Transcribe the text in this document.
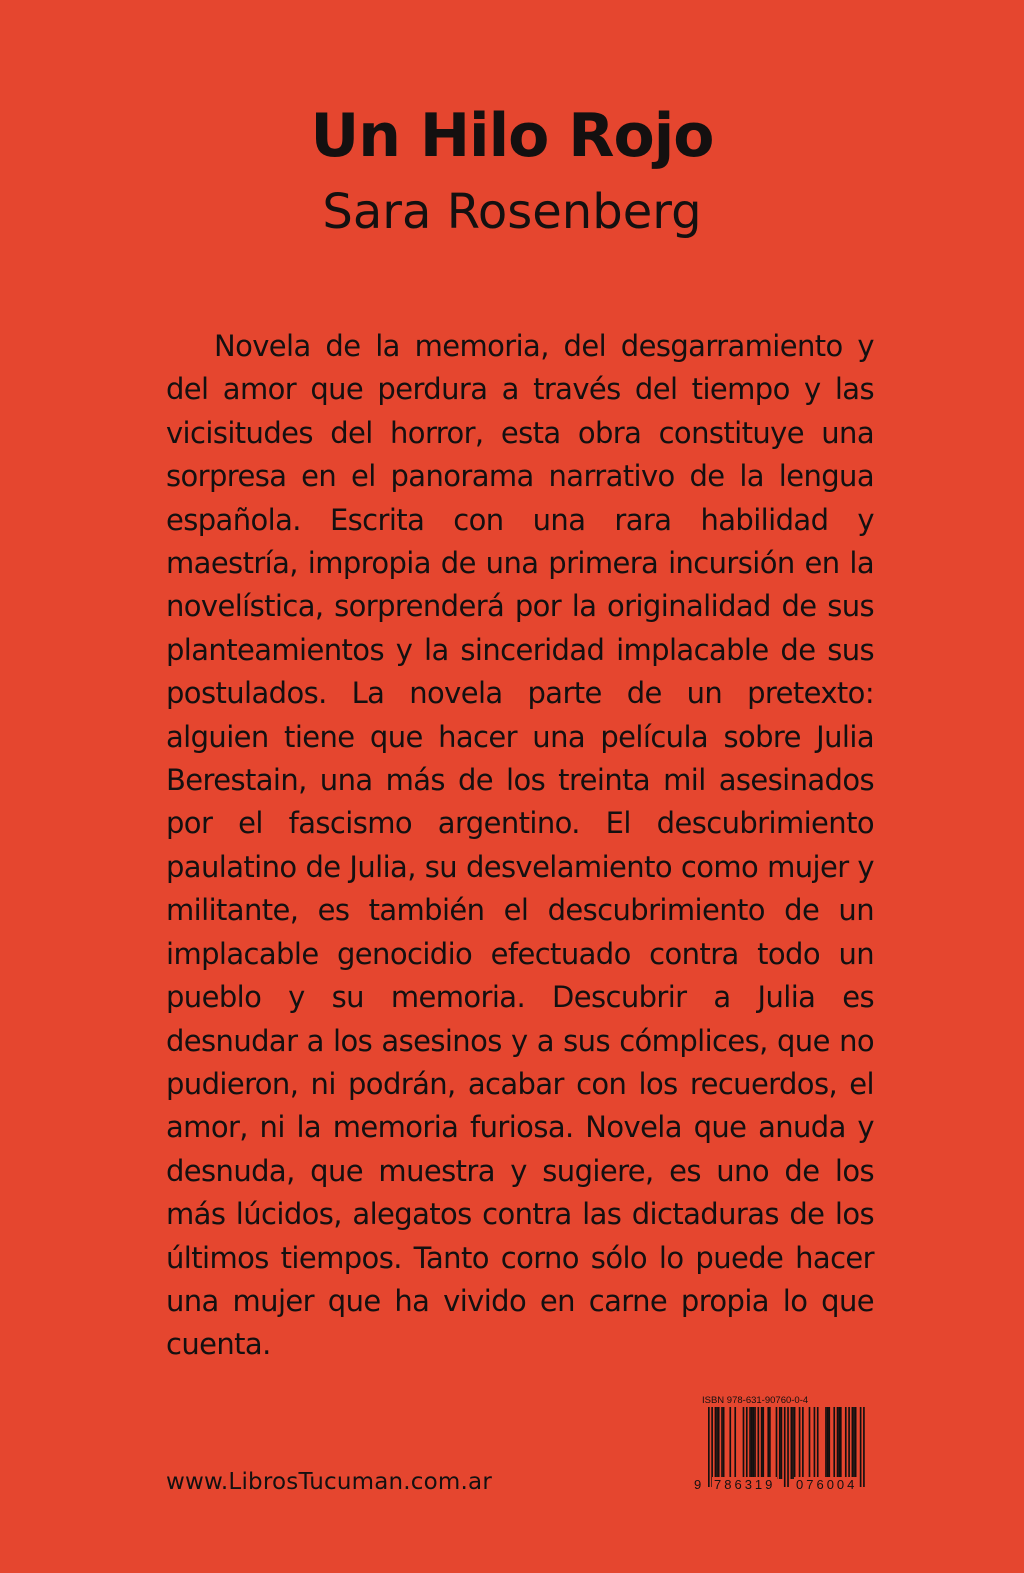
Un Hilo Rojo
Sara Rosenberg

Novela de la memoria, del desgarramiento y del amor que perdura a través del tiempo y las vicisitudes del horror, esta obra constituye una sorpresa en el panorama narrativo de la lengua española. Escrita con una rara habilidad y maestría, impropia de una primera incursión en la novelística, sorprenderá por la originalidad de sus planteamientos y la sinceridad implacable de sus postulados. La novela parte de un pretexto: alguien tiene que hacer una película sobre Julia Berestain, una más de los treinta mil asesinados por el fascismo argentino. El descubrimiento paulatino de Julia, su desvelamiento como mujer y militante, es también el descubrimiento de un implacable genocidio efectuado contra todo un pueblo y su memoria. Descubrir a Julia es desnudar a los asesinos y a sus cómplices, que no pudieron, ni podrán, acabar con los recuerdos, el amor, ni la memoria furiosa. Novela que anuda y desnuda, que muestra y sugiere, es uno de los más lúcidos, alegatos contra las dictaduras de los últimos tiempos. Tanto corno sólo lo puede hacer una mujer que ha vivido en carne propia lo que cuenta.

www.LibrosTucuman.com.ar
ISBN 978-631-90760-0-4
9 786319 076004
